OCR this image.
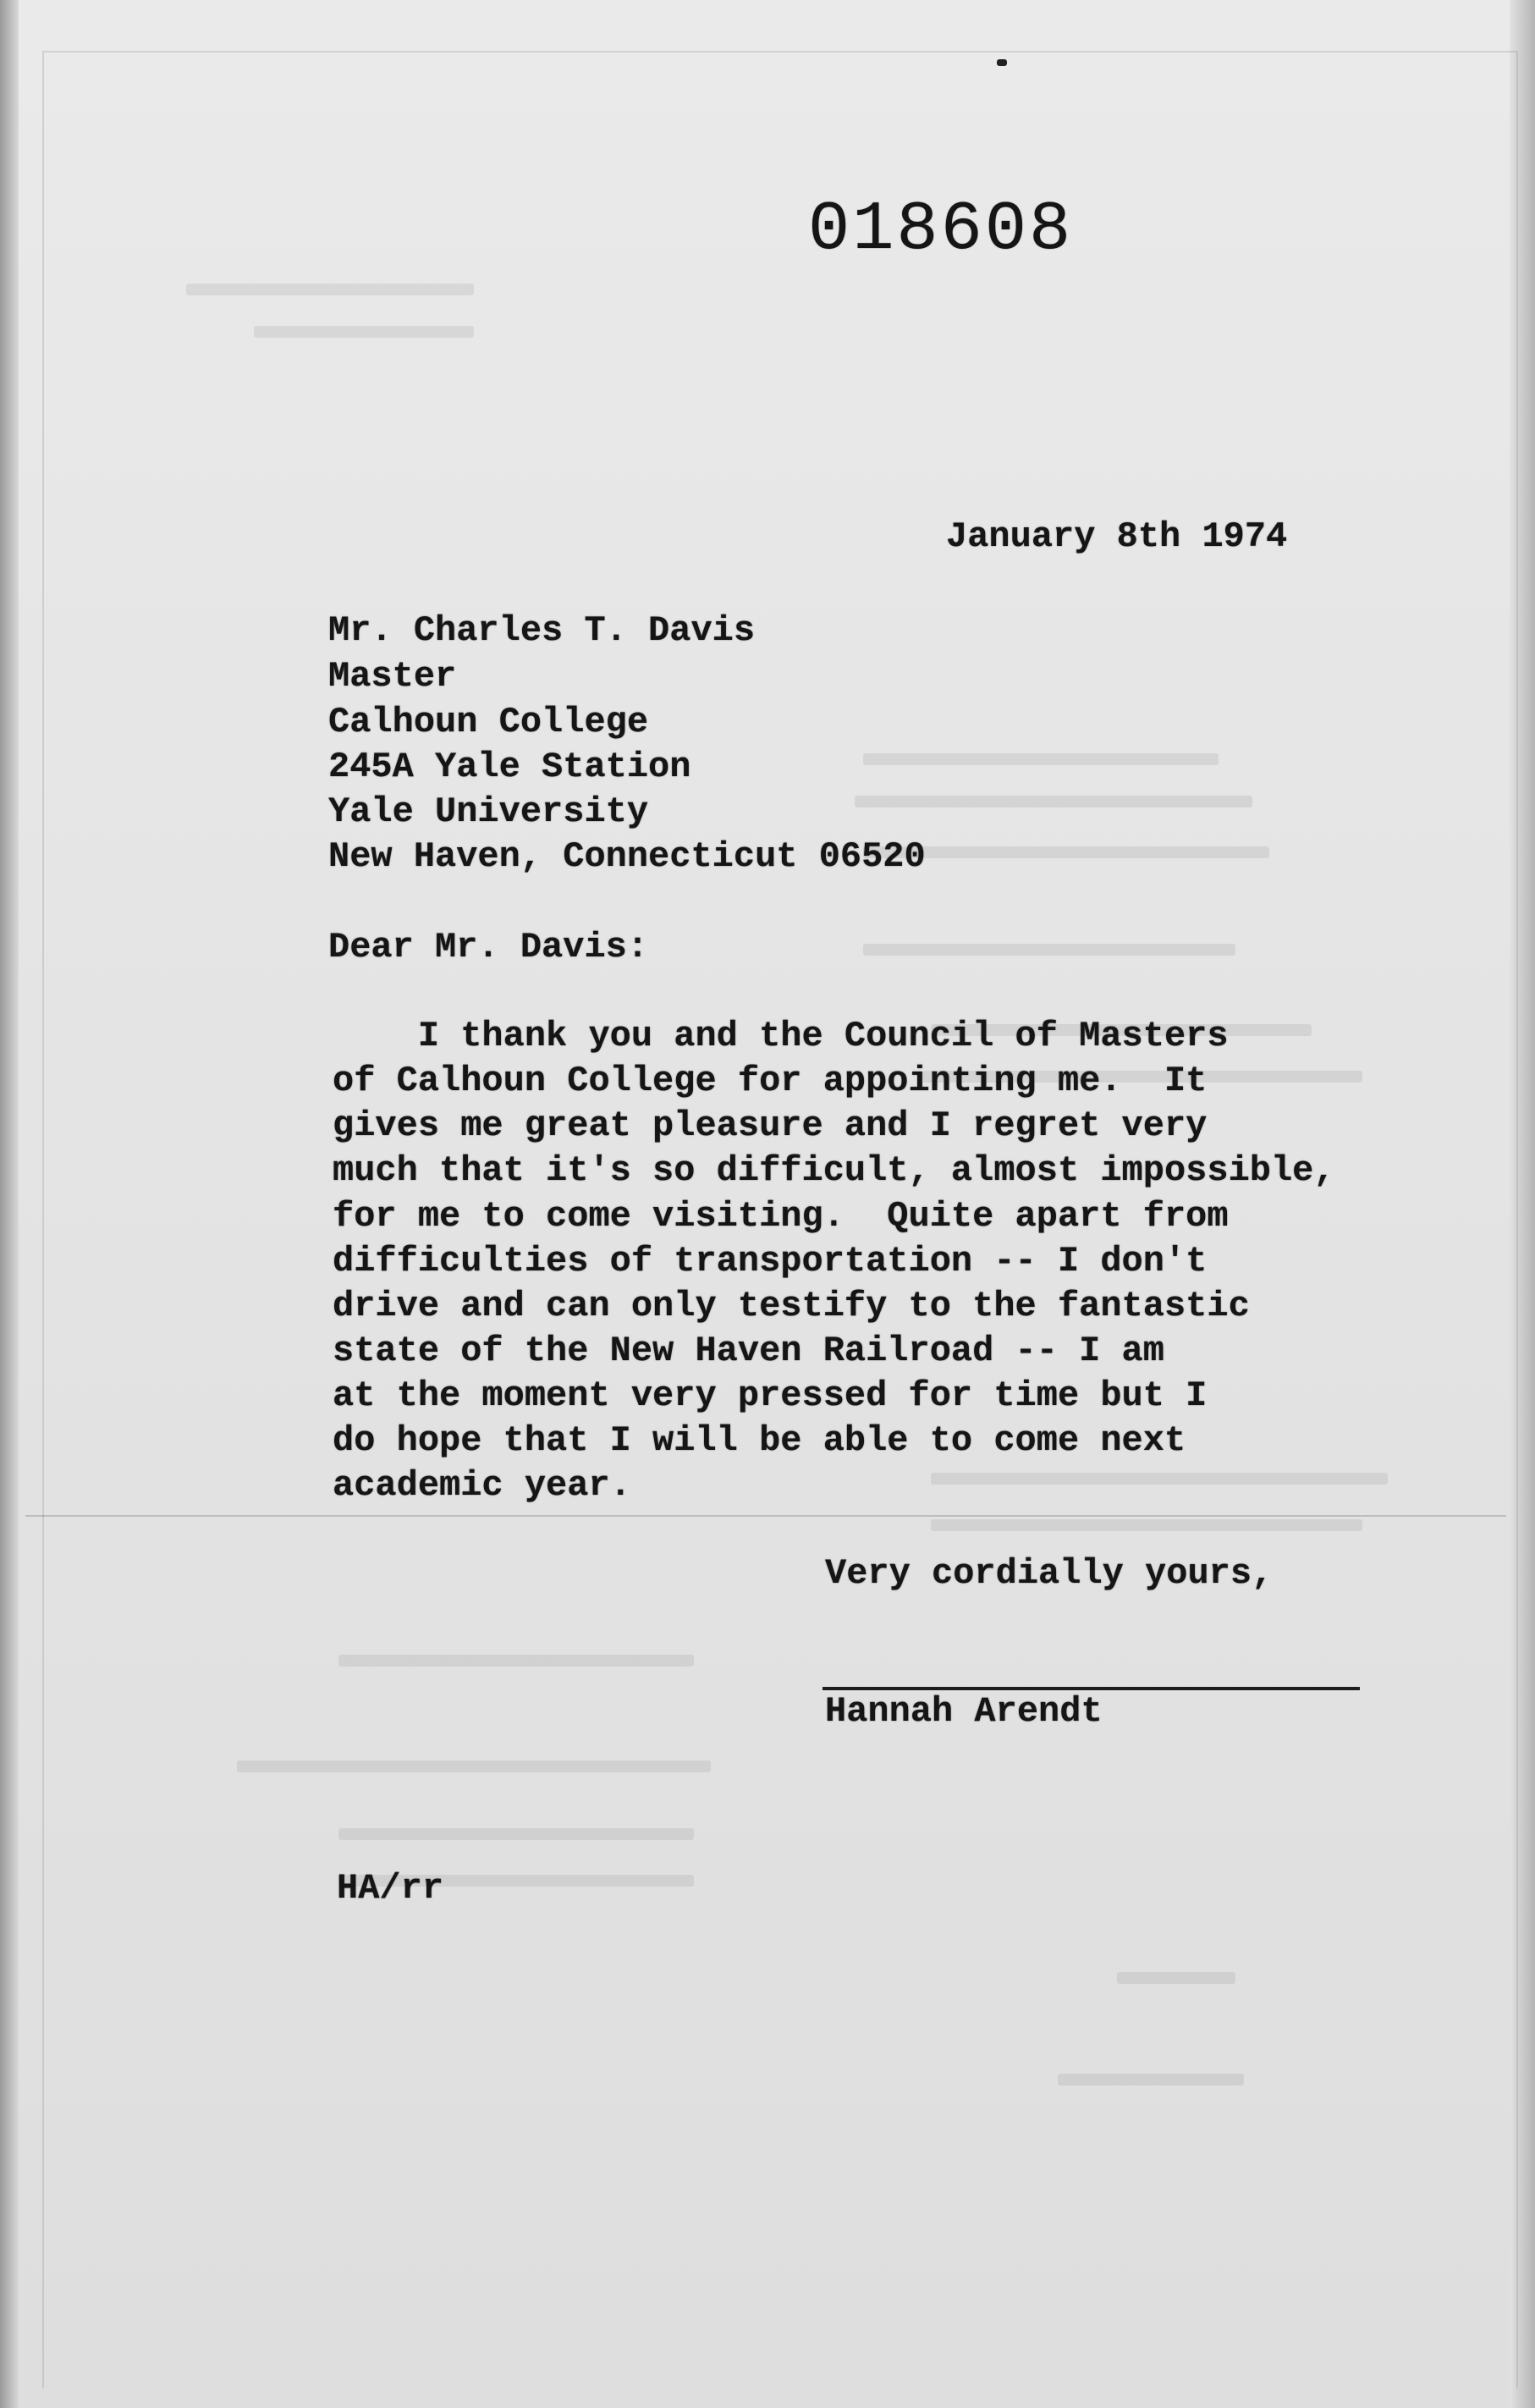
018608
January 8th 1974
Mr. Charles T. Davis
Master
Calhoun College
245A Yale Station
Yale University
New Haven, Connecticut 06520
Dear Mr. Davis:
I thank you and the Council of Masters
of Calhoun College for appointing me.  It
gives me great pleasure and I regret very
much that it's so difficult, almost impossible,
for me to come visiting.  Quite apart from
difficulties of transportation -- I don't
drive and can only testify to the fantastic
state of the New Haven Railroad -- I am
at the moment very pressed for time but I
do hope that I will be able to come next
academic year.
Very cordially yours,
Hannah Arendt
HA/rr
